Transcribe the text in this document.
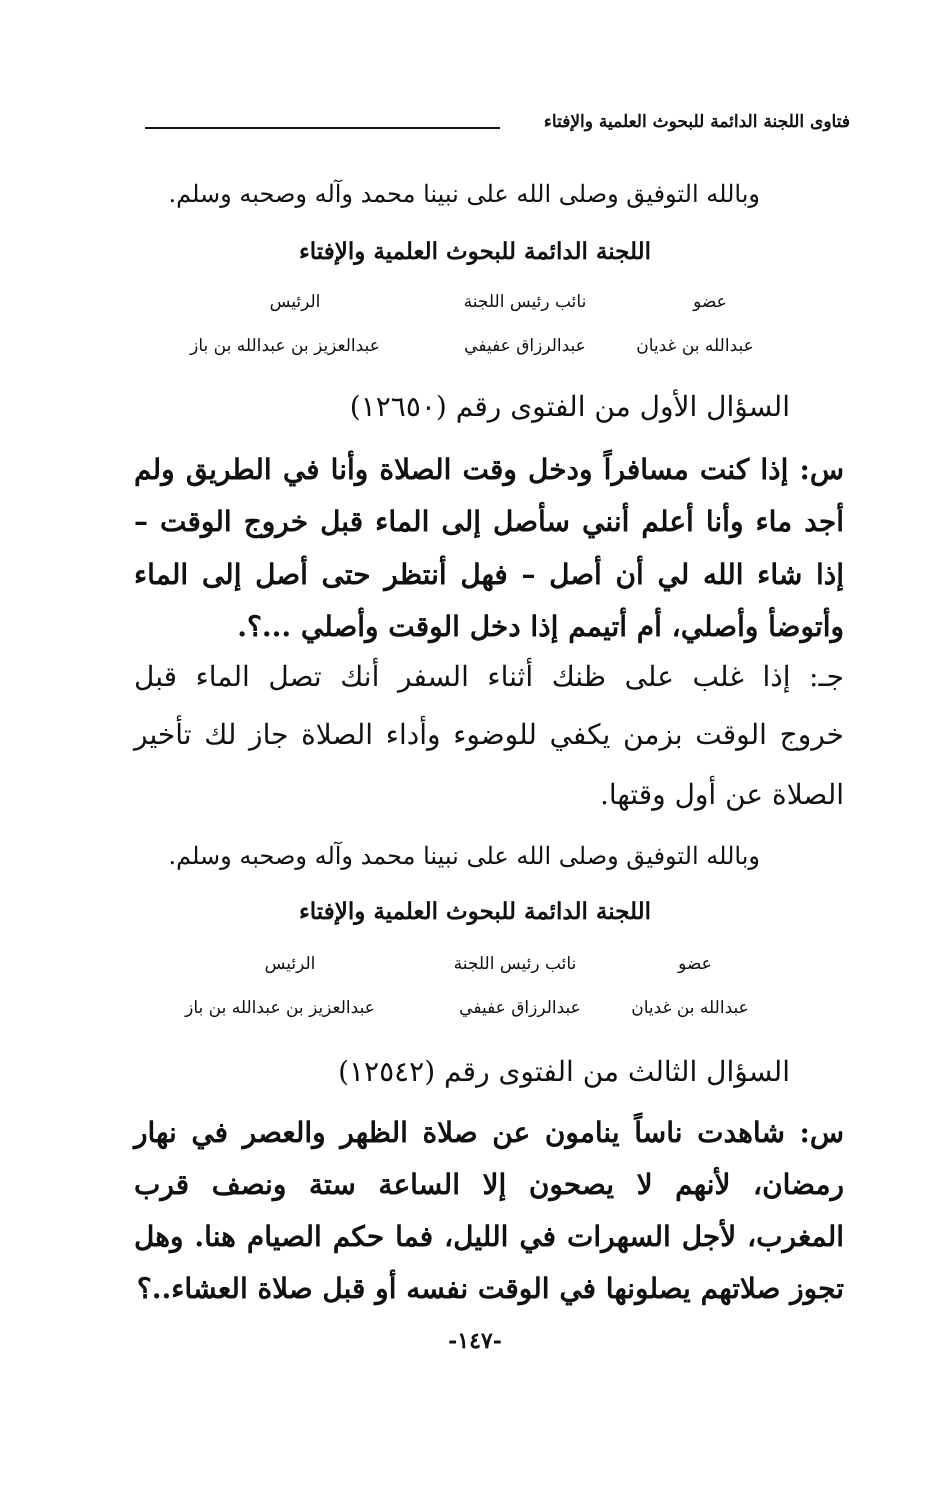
فتاوى اللجنة الدائمة للبحوث العلمية والإفتاء
وبالله التوفيق وصلى الله على نبينا محمد وآله وصحبه وسلم.
اللجنة الدائمة للبحوث العلمية والإفتاء
عضو
نائب رئيس اللجنة
الرئيس
عبدالله بن غديان
عبدالرزاق عفيفي
عبدالعزيز بن عبدالله بن باز
السؤال الأول من الفتوى رقم (١٢٦٥٠)
س: إذا كنت مسافراً ودخل وقت الصلاة وأنا في الطريق ولم
أجد ماء وأنا أعلم أنني سأصل إلى الماء قبل خروج الوقت –
إذا شاء الله لي أن أصل – فهل أنتظر حتى أصل إلى الماء
وأتوضأ وأصلي، أم أتيمم إذا دخل الوقت وأصلي ...؟.
جـ: إذا غلب على ظنك أثناء السفر أنك تصل الماء قبل
خروج الوقت بزمن يكفي للوضوء وأداء الصلاة جاز لك تأخير
الصلاة عن أول وقتها.
وبالله التوفيق وصلى الله على نبينا محمد وآله وصحبه وسلم.
اللجنة الدائمة للبحوث العلمية والإفتاء
عضو
نائب رئيس اللجنة
الرئيس
عبدالله بن غديان
عبدالرزاق عفيفي
عبدالعزيز بن عبدالله بن باز
السؤال الثالث من الفتوى رقم (١٢٥٤٢)
س: شاهدت ناساً ينامون عن صلاة الظهر والعصر في نهار
رمضان، لأنهم لا يصحون إلا الساعة ستة ونصف قرب
المغرب، لأجل السهرات في الليل، فما حكم الصيام هنا. وهل
تجوز صلاتهم يصلونها في الوقت نفسه أو قبل صلاة العشاء..؟
-١٤٧-
